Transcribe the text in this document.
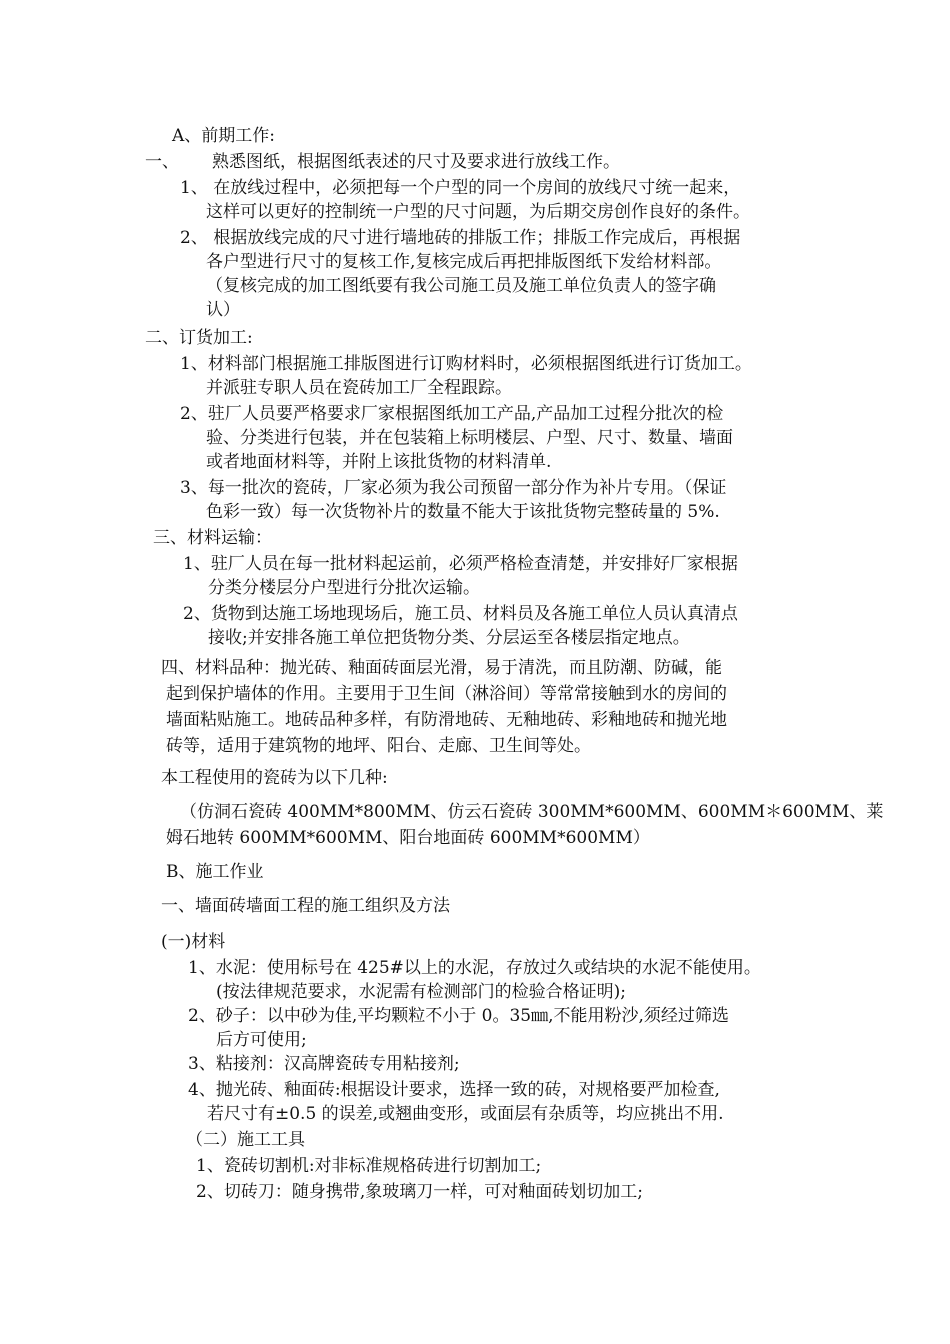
A、前期工作:
一、 熟悉图纸，根据图纸表述的尺寸及要求进行放线工作。
1、 在放线过程中，必须把每一个户型的同一个房间的放线尺寸统一起来，
这样可以更好的控制统一户型的尺寸问题，为后期交房创作良好的条件。
2、 根据放线完成的尺寸进行墙地砖的排版工作；排版工作完成后，再根据
各户型进行尺寸的复核工作,复核完成后再把排版图纸下发给材料部。
（复核完成的加工图纸要有我公司施工员及施工单位负责人的签字确
认）
二、订货加工:
1、材料部门根据施工排版图进行订购材料时，必须根据图纸进行订货加工。
并派驻专职人员在瓷砖加工厂全程跟踪。
2、驻厂人员要严格要求厂家根据图纸加工产品,产品加工过程分批次的检
验、分类进行包装，并在包装箱上标明楼层、户型、尺寸、数量、墙面
或者地面材料等，并附上该批货物的材料清单.
3、每一批次的瓷砖，厂家必须为我公司预留一部分作为补片专用。（保证
色彩一致）每一次货物补片的数量不能大于该批货物完整砖量的 5%.
三、材料运输：
1、驻厂人员在每一批材料起运前，必须严格检查清楚，并安排好厂家根据
分类分楼层分户型进行分批次运输。
2、货物到达施工场地现场后，施工员、材料员及各施工单位人员认真清点
接收;并安排各施工单位把货物分类、分层运至各楼层指定地点。
四、材料品种：抛光砖、釉面砖面层光滑，易于清洗，而且防潮、防碱，能
起到保护墙体的作用。主要用于卫生间（淋浴间）等常常接触到水的房间的
墙面粘贴施工。地砖品种多样，有防滑地砖、无釉地砖、彩釉地砖和抛光地
砖等，适用于建筑物的地坪、阳台、走廊、卫生间等处。
本工程使用的瓷砖为以下几种:
（仿洞石瓷砖 400MM*800MM、仿云石瓷砖 300MM*600MM、600MM＊600MM、莱
姆石地转 600MM*600MM、阳台地面砖 600MM*600MM）
B、施工作业
一、墙面砖墙面工程的施工组织及方法
(一)材料
1、水泥：使用标号在 425#以上的水泥，存放过久或结块的水泥不能使用。
(按法律规范要求，水泥需有检测部门的检验合格证明);
2、砂子：以中砂为佳,平均颗粒不小于 0。35㎜,不能用粉沙,须经过筛选
后方可使用;
3、粘接剂：汉高牌瓷砖专用粘接剂;
4、抛光砖、釉面砖:根据设计要求，选择一致的砖，对规格要严加检查,
若尺寸有±0.5 的误差,或翘曲变形，或面层有杂质等，均应挑出不用.
（二）施工工具
1、瓷砖切割机:对非标准规格砖进行切割加工;
2、切砖刀：随身携带,象玻璃刀一样，可对釉面砖划切加工;
